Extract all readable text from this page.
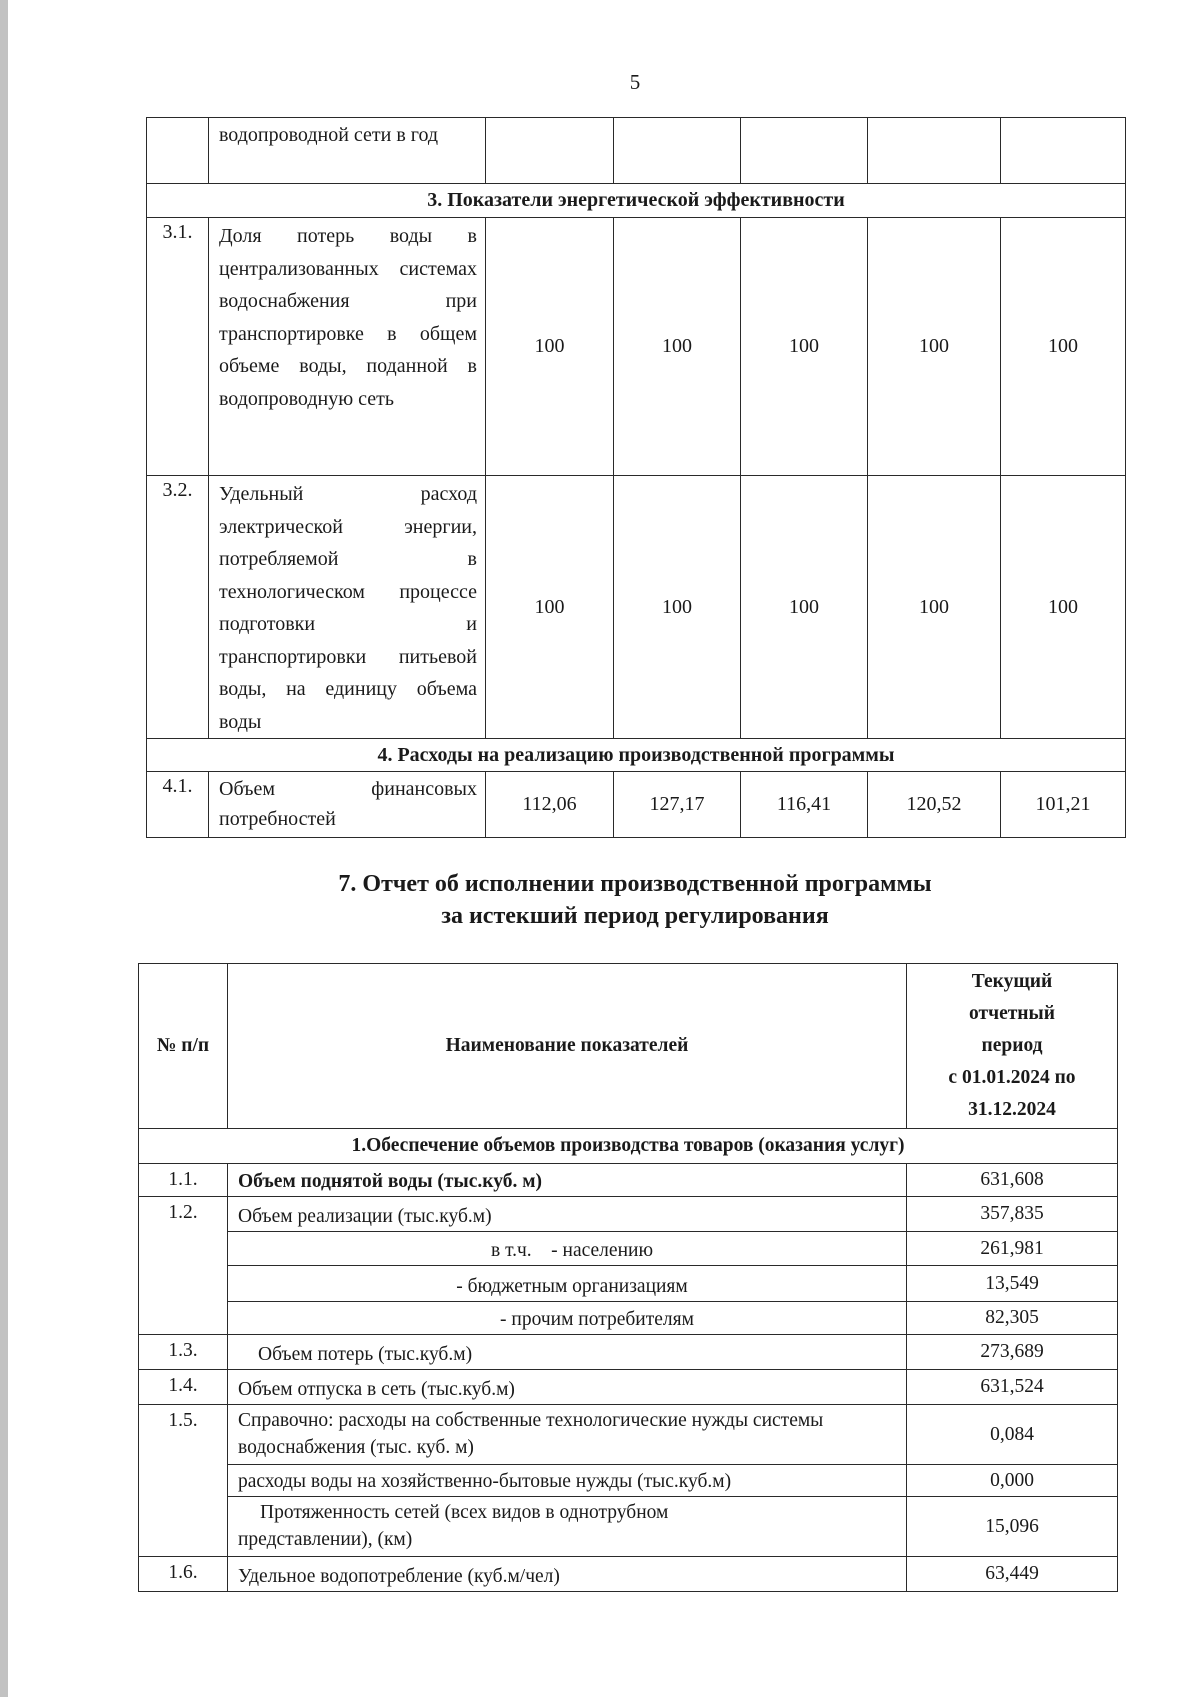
5
	водопроводной сети в год					
3. Показатели энергетической эффективности						
3.1.	Доля потерь воды в централизованных системах водоснабжения при транспортировке в общем объеме воды, поданной в водопроводную сеть	100	100	100	100	100
3.2.	Удельный расход электрической энергии, потребляемой в технологическом процессе подготовки и транспортировки питьевой воды, на единицу объема воды	100	100	100	100	100
4. Расходы на реализацию производственной программы						
4.1.	Объем финансовых потребностей	112,06	127,17	116,41	120,52	101,21
7. Отчет об исполнении производственной программы
за истекший период регулирования
№ п/п	Наименование показателей	Текущий
отчетный
период
с 01.01.2024 по
31.12.2024

1.Обеспечение объемов производства товаров (оказания услуг)		
1.1.	Объем поднятой воды (тыс.куб. м)	631,608
1.2.	Объем реализации (тыс.куб.м)	357,835
	в т.ч.    - населению	261,981
	- бюджетным организациям	13,549
	- прочим потребителям	82,305
1.3.	Объем потерь (тыс.куб.м)	273,689
1.4.	Объем отпуска в сеть (тыс.куб.м)	631,524
1.5.	Справочно: расходы на собственные технологические нужды системы водоснабжения (тыс. куб. м)	0,084
	расходы воды на хозяйственно-бытовые нужды (тыс.куб.м)	0,000
	Протяженность сетей (всех видов в однотрубном представлении), (км)	15,096
1.6.	Удельное водопотребление (куб.м/чел)	63,449
